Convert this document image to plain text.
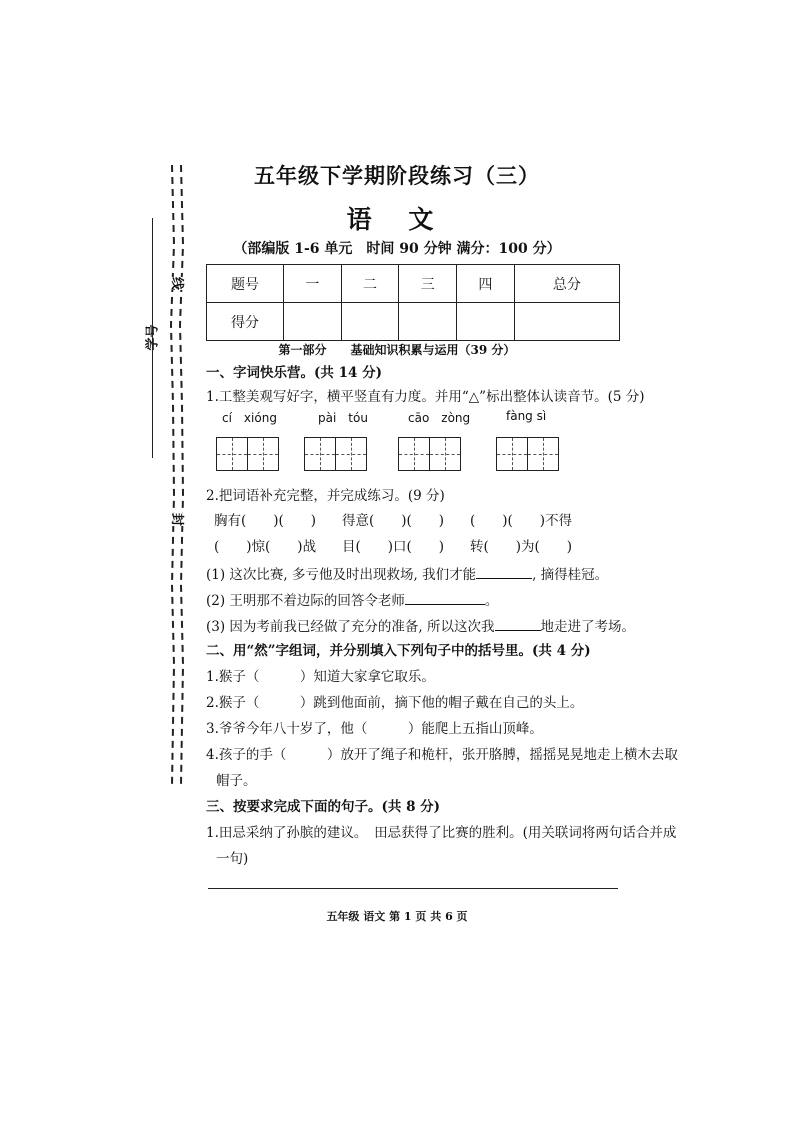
线
封
学号
五年级下学期阶段练习（三）
语 文
（部编版 1-6 单元　时间 90 分钟 满分：100 分）
题号	一	二	三	四	总分
得分					
第一部分　　基础知识积累与运用（39 分）
一、字词快乐营。(共 14 分)
1.工整美观写好字，横平竖直有力度。并用“△”标出整体认读音节。(5 分)
cí　xióng	pài　tóu	cāo　zòng	fàng sì
2.把词语补充完整，并完成练习。(9 分)
胸有(　　)(　　) 得意(　　)(　　) (　　)(　　)不得
(　　)惊(　　)战 目(　　)口(　　) 转(　　)为(　　)
(1) 这次比赛, 多亏他及时出现救场, 我们才能	, 摘得桂冠。
(2) 王明那不着边际的回答令老师	。
(3) 因为考前我已经做了充分的准备, 所以这次我	地走进了考场。
二、用“然”字组词，并分别填入下列句子中的括号里。(共 4 分)
1.猴子（　　　）知道大家拿它取乐。
2.猴子（　　　）跳到他面前，摘下他的帽子戴在自己的头上。
3.爷爷今年八十岁了，他（　　　）能爬上五指山顶峰。
4.孩子的手（　　　）放开了绳子和桅杆，张开胳膊，摇摇晃晃地走上横木去取
帽子。
三、按要求完成下面的句子。(共 8 分)
1.田忌采纳了孙膑的建议。　田忌获得了比赛的胜利。(用关联词将两句话合并成
一句)
五年级 语文 第 1 页 共 6 页
